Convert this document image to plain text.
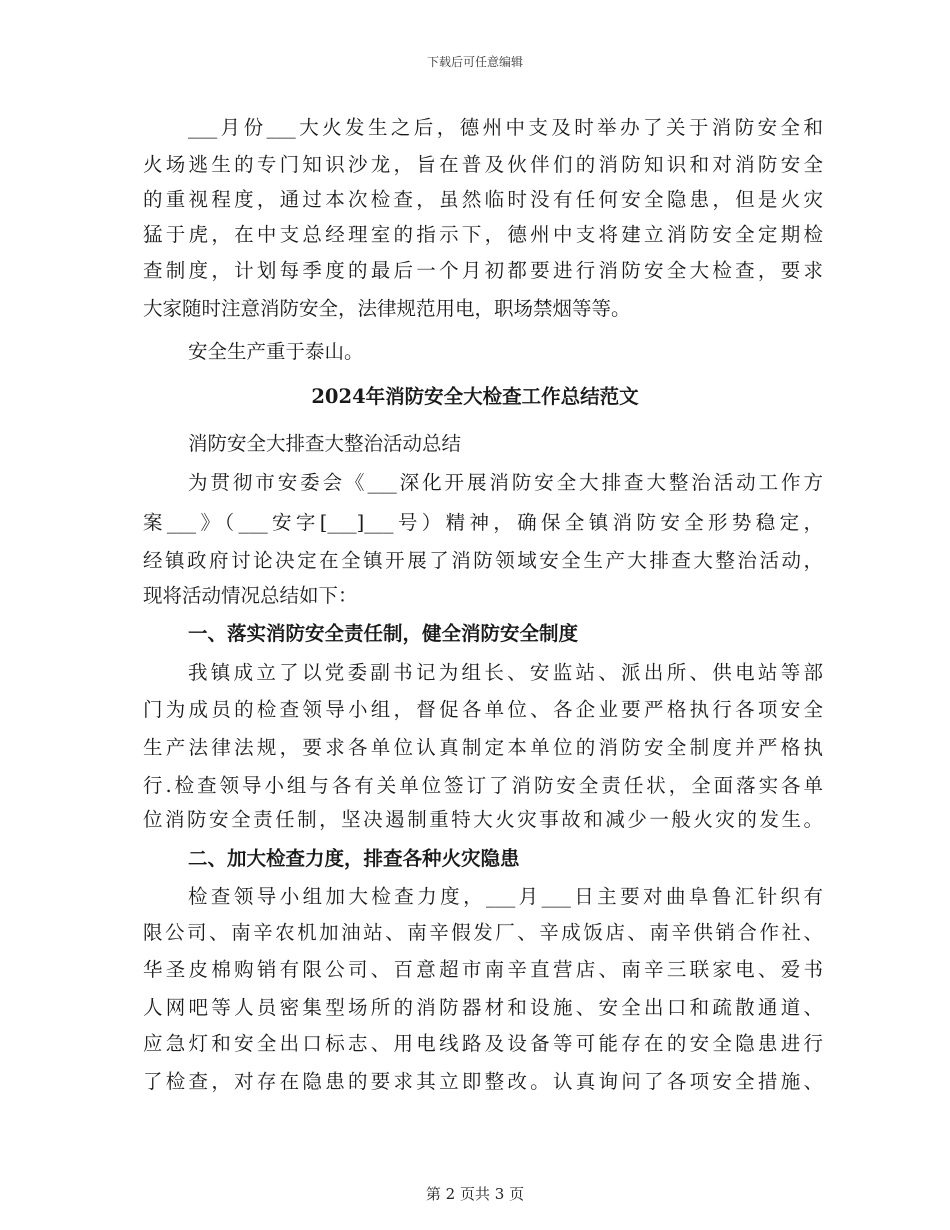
下载后可任意编辑
___月份___大火发生之后，德州中支及时举办了关于消防安全和
火场逃生的专门知识沙龙，旨在普及伙伴们的消防知识和对消防安全
的重视程度，通过本次检查，虽然临时没有任何安全隐患，但是火灾
猛于虎，在中支总经理室的指示下，德州中支将建立消防安全定期检
查制度，计划每季度的最后一个月初都要进行消防安全大检查，要求
大家随时注意消防安全，法律规范用电，职场禁烟等等。
安全生产重于泰山。
2024年消防安全大检查工作总结范文
消防安全大排查大整治活动总结
为贯彻市安委会《___深化开展消防安全大排查大整治活动工作方
案___》（___安字[___]___号）精神，确保全镇消防安全形势稳定，
经镇政府讨论决定在全镇开展了消防领域安全生产大排查大整治活动，
现将活动情况总结如下：
一、落实消防安全责任制，健全消防安全制度
我镇成立了以党委副书记为组长、安监站、派出所、供电站等部
门为成员的检查领导小组，督促各单位、各企业要严格执行各项安全
生产法律法规，要求各单位认真制定本单位的消防安全制度并严格执
行.检查领导小组与各有关单位签订了消防安全责任状，全面落实各单
位消防安全责任制，坚决遏制重特大火灾事故和减少一般火灾的发生。
二、加大检查力度，排查各种火灾隐患
检查领导小组加大检查力度，___月___日主要对曲阜鲁汇针织有
限公司、南辛农机加油站、南辛假发厂、辛成饭店、南辛供销合作社、
华圣皮棉购销有限公司、百意超市南辛直营店、南辛三联家电、爱书
人网吧等人员密集型场所的消防器材和设施、安全出口和疏散通道、
应急灯和安全出口标志、用电线路及设备等可能存在的安全隐患进行
了检查，对存在隐患的要求其立即整改。认真询问了各项安全措施、
第 2 页共 3 页
